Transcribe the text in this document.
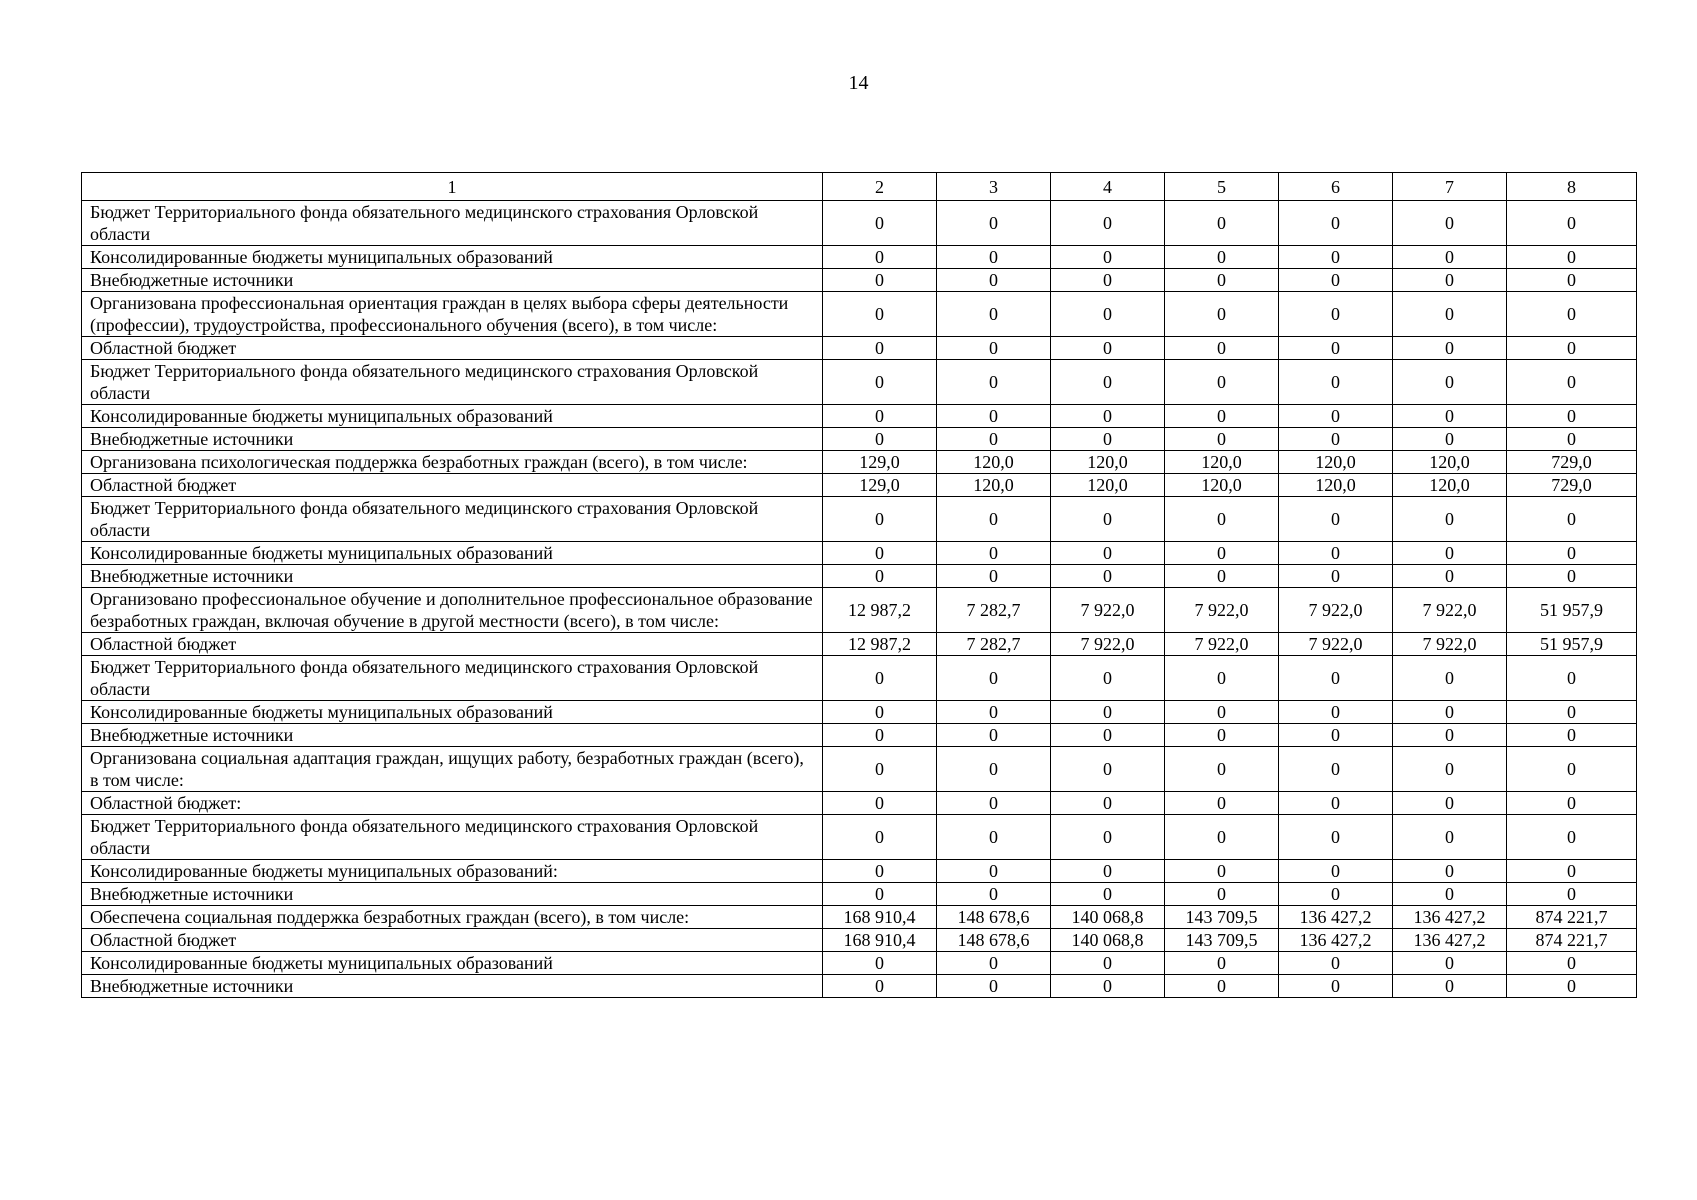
14
1	2	3	4	5	6	7	8
Бюджет Территориального фонда обязательного медицинского страхования Орловской области	0	0	0	0	0	0	0
Консолидированные бюджеты муниципальных образований	0	0	0	0	0	0	0
Внебюджетные источники	0	0	0	0	0	0	0
Организована профессиональная ориентация граждан в целях выбора сферы деятельности (профессии), трудоустройства, профессионального обучения (всего), в том числе:	0	0	0	0	0	0	0
Областной бюджет	0	0	0	0	0	0	0
Бюджет Территориального фонда обязательного медицинского страхования Орловской области	0	0	0	0	0	0	0
Консолидированные бюджеты муниципальных образований	0	0	0	0	0	0	0
Внебюджетные источники	0	0	0	0	0	0	0
Организована психологическая поддержка безработных граждан (всего), в том числе:	129,0	120,0	120,0	120,0	120,0	120,0	729,0
Областной бюджет	129,0	120,0	120,0	120,0	120,0	120,0	729,0
Бюджет Территориального фонда обязательного медицинского страхования Орловской области	0	0	0	0	0	0	0
Консолидированные бюджеты муниципальных образований	0	0	0	0	0	0	0
Внебюджетные источники	0	0	0	0	0	0	0
Организовано профессиональное обучение и дополнительное профессиональное образование безработных граждан, включая обучение в другой местности (всего), в том числе:	12 987,2	7 282,7	7 922,0	7 922,0	7 922,0	7 922,0	51 957,9
Областной бюджет	12 987,2	7 282,7	7 922,0	7 922,0	7 922,0	7 922,0	51 957,9
Бюджет Территориального фонда обязательного медицинского страхования Орловской области	0	0	0	0	0	0	0
Консолидированные бюджеты муниципальных образований	0	0	0	0	0	0	0
Внебюджетные источники	0	0	0	0	0	0	0
Организована социальная адаптация граждан, ищущих работу, безработных граждан (всего), в том числе:	0	0	0	0	0	0	0
Областной бюджет:	0	0	0	0	0	0	0
Бюджет Территориального фонда обязательного медицинского страхования Орловской области	0	0	0	0	0	0	0
Консолидированные бюджеты муниципальных образований:	0	0	0	0	0	0	0
Внебюджетные источники	0	0	0	0	0	0	0
Обеспечена социальная поддержка безработных граждан (всего), в том числе:	168 910,4	148 678,6	140 068,8	143 709,5	136 427,2	136 427,2	874 221,7
Областной бюджет	168 910,4	148 678,6	140 068,8	143 709,5	136 427,2	136 427,2	874 221,7
Консолидированные бюджеты муниципальных образований	0	0	0	0	0	0	0
Внебюджетные источники	0	0	0	0	0	0	0
